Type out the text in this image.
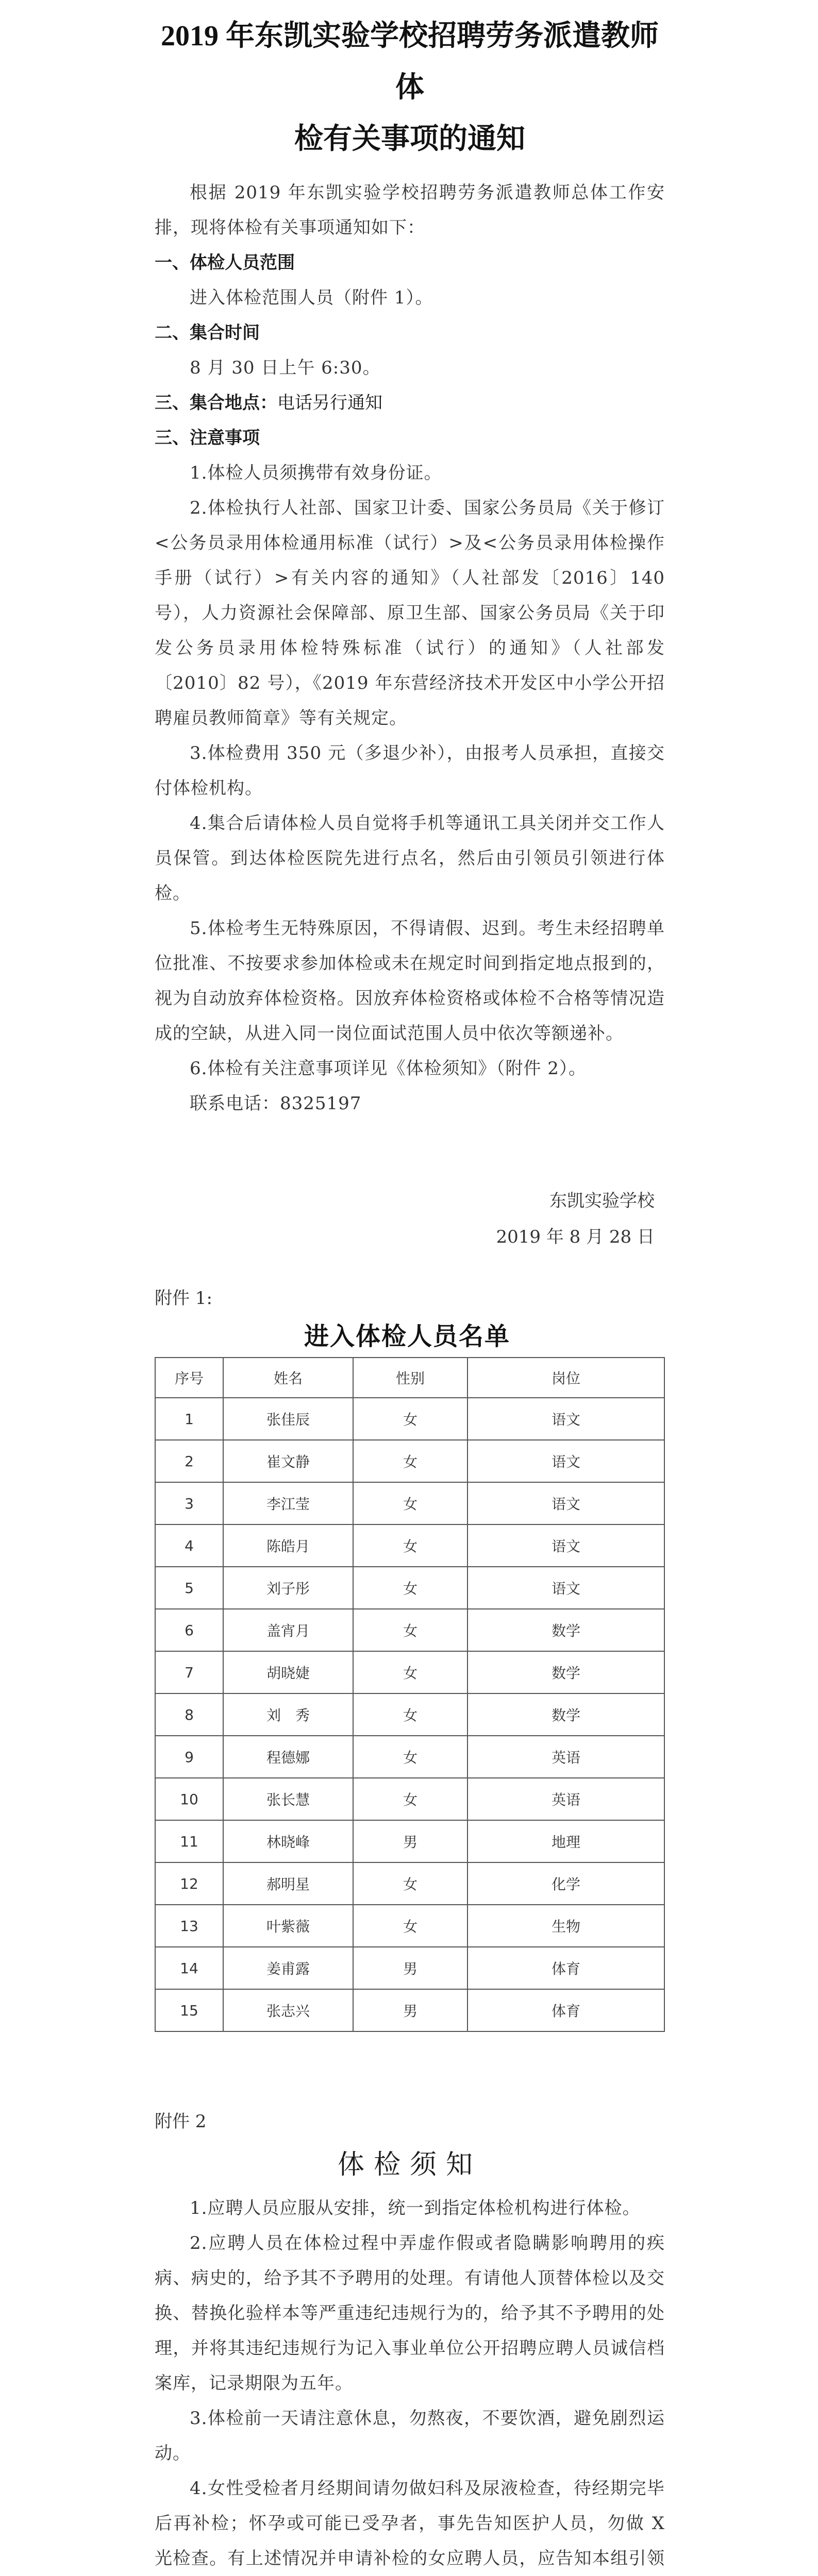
2019 年东凯实验学校招聘劳务派遣教师体
检有关事项的通知

根据 2019 年东凯实验学校招聘劳务派遣教师总体工作安排，现将体检有关事项通知如下：

一、体检人员范围

进入体检范围人员（附件 1）。

二、集合时间

8 月 30 日上午 6:30。

三、集合地点：电话另行通知

三、注意事项

1.体检人员须携带有效身份证。

2.体检执行人社部、国家卫计委、国家公务员局《关于修订<公务员录用体检通用标准（试行）>及<公务员录用体检操作手册（试行）>有关内容的通知》（人社部发〔2016〕140号），人力资源社会保障部、原卫生部、国家公务员局《关于印发公务员录用体检特殊标准（试行）的通知》（人社部发〔2010〕82 号），《2019 年东营经济技术开发区中小学公开招聘雇员教师简章》等有关规定。

3.体检费用 350 元（多退少补），由报考人员承担，直接交付体检机构。

4.集合后请体检人员自觉将手机等通讯工具关闭并交工作人员保管。到达体检医院先进行点名，然后由引领员引领进行体检。

5.体检考生无特殊原因，不得请假、迟到。考生未经招聘单位批准、不按要求参加体检或未在规定时间到指定地点报到的，视为自动放弃体检资格。因放弃体检资格或体检不合格等情况造成的空缺，从进入同一岗位面试范围人员中依次等额递补。

6.体检有关注意事项详见《体检须知》（附件 2）。

联系电话：8325197

东凯实验学校

2019 年 8 月 28 日

附件 1:

进入体检人员名单

序号	姓名	性别	岗位
1	张佳辰	女	语文
2	崔文静	女	语文
3	李江莹	女	语文
4	陈皓月	女	语文
5	刘子彤	女	语文
6	盖宵月	女	数学
7	胡晓婕	女	数学
8	刘　秀	女	数学
9	程德娜	女	英语
10	张长慧	女	英语
11	林晓峰	男	地理
12	郝明星	女	化学
13	叶紫薇	女	生物
14	姜甫露	男	体育
15	张志兴	男	体育

附件 2

体检须知

1.应聘人员应服从安排，统一到指定体检机构进行体检。

2.应聘人员在体检过程中弄虚作假或者隐瞒影响聘用的疾病、病史的，给予其不予聘用的处理。有请他人顶替体检以及交换、替换化验样本等严重违纪违规行为的，给予其不予聘用的处理，并将其违纪违规行为记入事业单位公开招聘应聘人员诚信档案库，记录期限为五年。

3.体检前一天请注意休息，勿熬夜，不要饮酒，避免剧烈运动。

4.女性受检者月经期间请勿做妇科及尿液检查，待经期完毕后再补检；怀孕或可能已受孕者，事先告知医护人员，勿做 X 光检查。有上述情况并申请补检的女应聘人员，应告知本组引领
